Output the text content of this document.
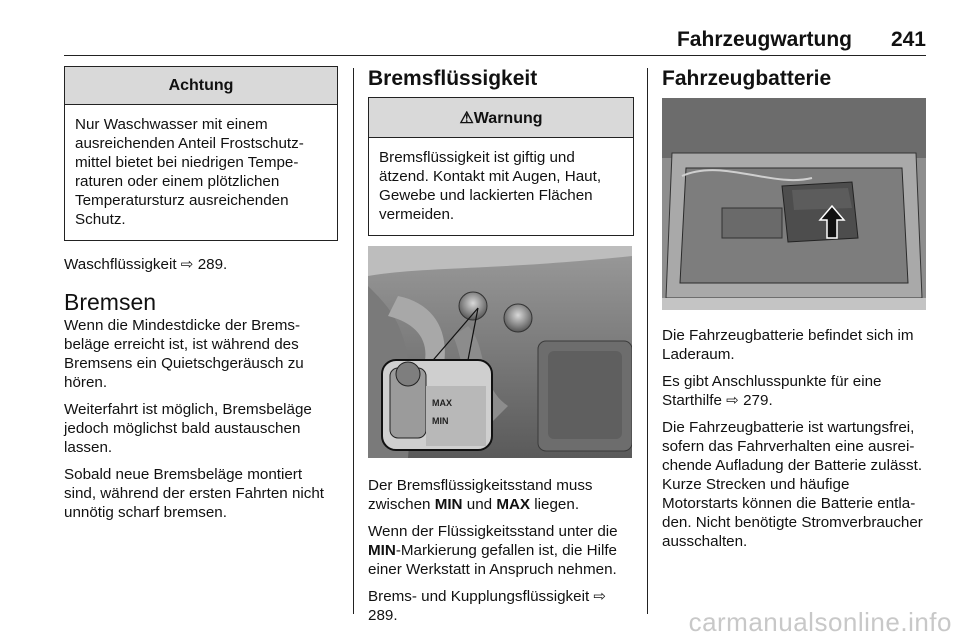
Fahrzeugwartung 241
Achtung
Nur Waschwasser mit einem ausreichenden Anteil Frostschutzmittel bietet bei niedrigen Temperaturen oder einem plötzlichen Temperatursturz ausreichenden Schutz.

Waschflüssigkeit ⇨ 289.

Bremsen

Wenn die Mindestdicke der Bremsbeläge erreicht ist, ist während des Bremsens ein Quietschgeräusch zu hören.

Weiterfahrt ist möglich, Bremsbeläge jedoch möglichst bald austauschen lassen.

Sobald neue Bremsbeläge montiert sind, während der ersten Fahrten nicht unnötig scharf bremsen.

Bremsflüssigkeit
⚠Warnung
Bremsflüssigkeit ist giftig und ätzend. Kontakt mit Augen, Haut, Gewebe und lackierten Flächen vermeiden.
MAX
MIN

Der Bremsflüssigkeitsstand muss zwischen MIN und MAX liegen.

Wenn der Flüssigkeitsstand unter die MIN-Markierung gefallen ist, die Hilfe einer Werkstatt in Anspruch nehmen.

Brems- und Kupplungsflüssigkeit ⇨ 289.

Fahrzeugbatterie

Die Fahrzeugbatterie befindet sich im Laderaum.

Es gibt Anschlusspunkte für eine Starthilfe ⇨ 279.

Die Fahrzeugbatterie ist wartungsfrei, sofern das Fahrverhalten eine ausreichende Aufladung der Batterie zulässt. Kurze Strecken und häufige Motorstarts können die Batterie entladen. Nicht benötigte Stromverbraucher ausschalten.

carmanualsonline.info
